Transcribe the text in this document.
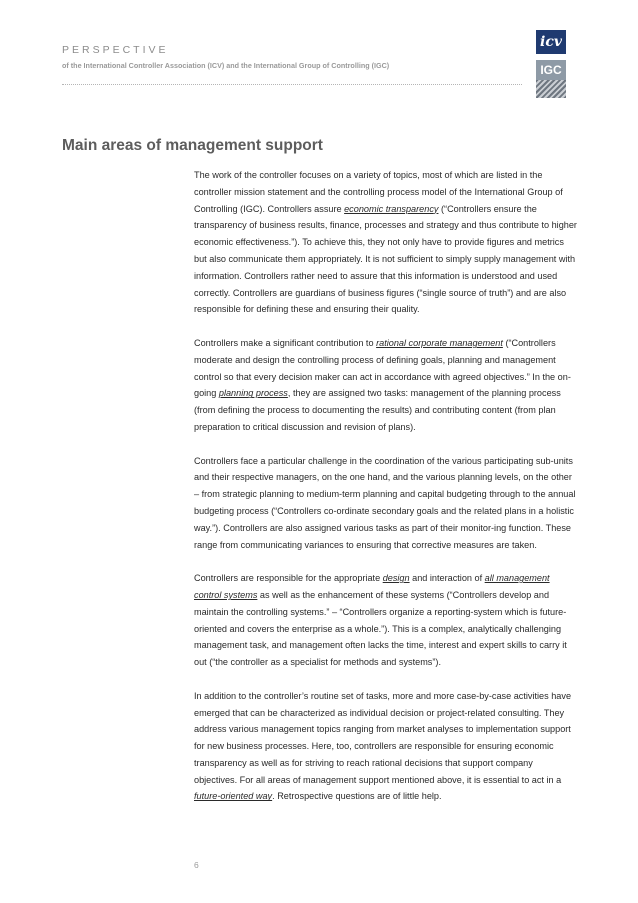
PERSPECTIVE
of the International Controller Association (ICV) and the International Group of Controlling (IGC)
icv
IGC
Main areas of management support

The work of the controller focuses on a variety of topics, most of which are listed in the controller mission statement and the controlling process model of the International Group of Controlling (IGC). Controllers assure economic transparency (“Controllers ensure the transparency of business results, finance, processes and strategy and thus contribute to higher economic effectiveness.”). To achieve this, they not only have to provide figures and metrics but also communicate them appropriately. It is not sufficient to simply supply management with information. Controllers rather need to assure that this information is understood and used correctly. Controllers are guardians of business figures (“single source of truth”) and are also responsible for defining these and ensuring their quality.

Controllers make a significant contribution to rational corporate management (“Controllers moderate and design the controlling process of defining goals, planning and management control so that every decision maker can act in accordance with agreed objectives.” In the on-going planning process, they are assigned two tasks: management of the planning process (from defining the process to documenting the results) and contributing content (from plan preparation to critical discussion and revision of plans).

Controllers face a particular challenge in the coordination of the various participating sub-units and their respective managers, on the one hand, and the various planning levels, on the other – from strategic planning to medium-term planning and capital budgeting through to the annual budgeting process (“Controllers co-ordinate secondary goals and the related plans in a holistic way.”). Controllers are also assigned various tasks as part of their monitor-ing function. These range from communicating variances to ensuring that corrective measures are taken.

Controllers are responsible for the appropriate design and interaction of all management control systems as well as the enhancement of these systems (“Controllers develop and maintain the controlling systems.” – “Controllers organize a reporting-system which is future-oriented and covers the enterprise as a whole.”). This is a complex, analytically challenging management task, and management often lacks the time, interest and expert skills to carry it out (“the controller as a specialist for methods and systems”).

In addition to the controller’s routine set of tasks, more and more case-by-case activities have emerged that can be characterized as individual decision or project-related consulting. They address various management topics ranging from market analyses to implementation support for new business processes. Here, too, controllers are responsible for ensuring economic transparency as well as for striving to reach rational decisions that support company objectives. For all areas of management support mentioned above, it is essential to act in a future-oriented way. Retrospective questions are of little help.

6
